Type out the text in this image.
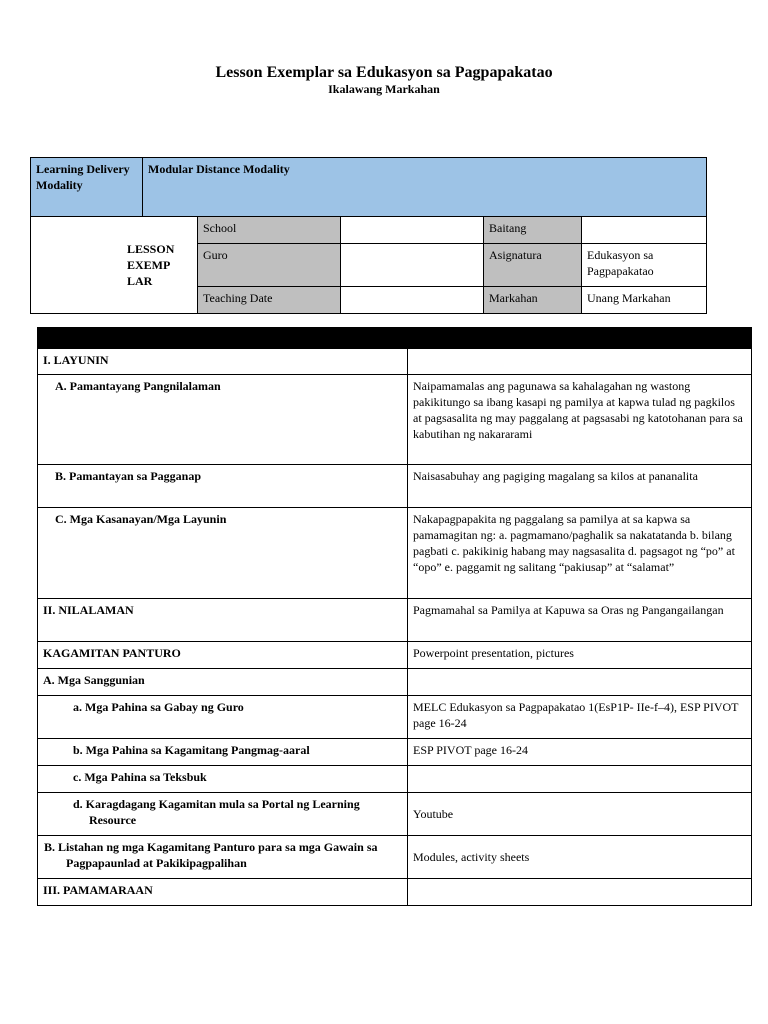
Lesson Exemplar sa Edukasyon sa Pagpapakatao
Ikalawang Markahan
Learning Delivery Modality	Modular Distance Modality				

LESSON
EXEMP
LAR		School		Baitang	
		Guro		Asignatura	Edukasyon sa Pagpapakatao
		Teaching Date		Markahan	Unang Markahan

I. LAYUNIN	
A. Pamantayang Pangnilalaman	Naipamamalas ang pagunawa sa kahalagahan ng wastong pakikitungo sa ibang kasapi ng pamilya at kapwa tulad ng pagkilos at pagsasalita ng may paggalang at pagsasabi ng katotohanan para sa kabutihan ng nakararami
B. Pamantayan sa Pagganap	Naisasabuhay ang pagiging magalang sa kilos at pananalita
C. Mga Kasanayan/Mga Layunin	Nakapagpapakita ng paggalang sa pamilya at sa kapwa sa pamamagitan ng: a. pagmamano/paghalik sa nakatatanda b. bilang pagbati c. pakikinig habang may nagsasalita d. pagsagot ng “po” at “opo” e. paggamit ng salitang “pakiusap” at “salamat”
II. NILALAMAN	Pagmamahal sa Pamilya at Kapuwa sa Oras ng Pangangailangan
KAGAMITAN PANTURO	Powerpoint presentation, pictures
A. Mga Sanggunian	
a. Mga Pahina sa Gabay ng Guro	MELC Edukasyon sa Pagpapakatao 1(EsP1P- IIe-f–4), ESP PIVOT page 16-24
b. Mga Pahina sa Kagamitang Pangmag-aaral	ESP PIVOT page 16-24
c. Mga Pahina sa Teksbuk	
d. Karagdagang Kagamitan mula sa Portal ng Learning Resource	Youtube
B. Listahan ng mga Kagamitang Panturo para sa mga Gawain sa Pagpapaunlad at Pakikipagpalihan	Modules, activity sheets
III. PAMAMARAAN	
